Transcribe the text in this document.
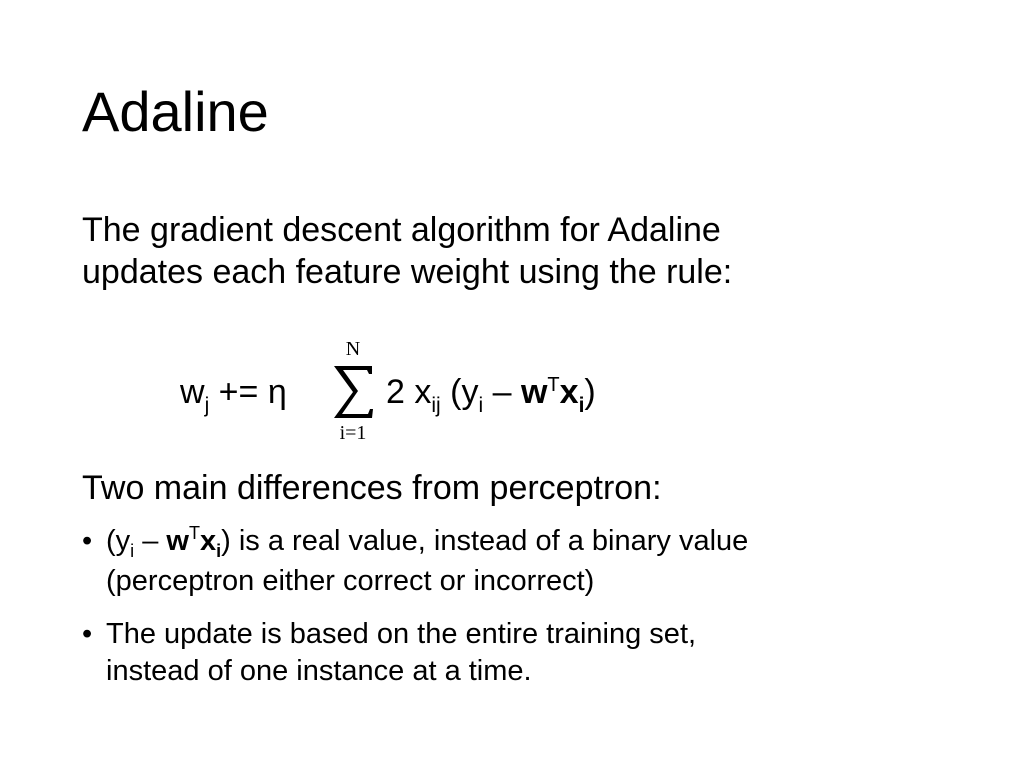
Adaline
The gradient descent algorithm for Adaline
updates each feature weight using the rule:
$w_j += \eta$
N
i=1
2 $x_{ij}$ $(y_i - w^Tx_i)$
Two main differences from perceptron:
• $(y_i - w^Tx_i)$ is a real value, instead of a binary value
(perceptron either correct or incorrect)
• The update is based on the entire training set,
instead of one instance at a time.
